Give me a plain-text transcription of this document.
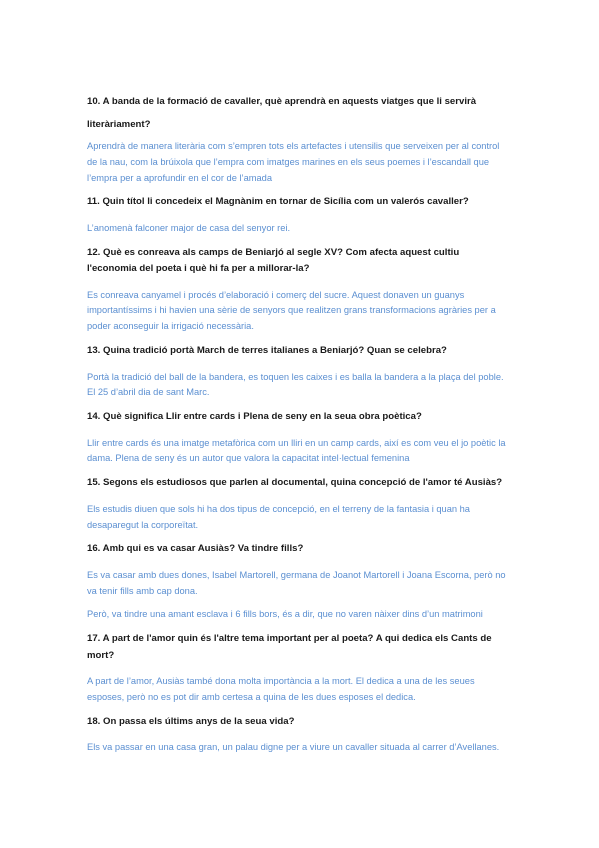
10. A banda de la formació de cavaller, què aprendrà en aquests viatges que li servirà
literàriament?
Aprendrà de manera literària com s’empren tots els artefactes i utensilis que serveixen per al control de la nau, com la brúixola que l’empra com imatges marines en els seus poemes i l’escandall que l’empra per a aprofundir en el cor de l’amada
11. Quin títol li concedeix el Magnànim en tornar de Sicília com un valerós cavaller?
L’anomenà falconer major de casa del senyor rei.
12. Què es conreava als camps de Beniarjó al segle XV? Com afecta aquest cultiu l'economia del poeta i què hi fa per a millorar-la?
Es conreava canyamel i procés d’elaboració i comerç del sucre. Aquest donaven un guanys importantíssims i hi havien una sèrie de senyors que realitzen grans transformacions agràries per a poder aconseguir la irrigació necessària.
13. Quina tradició portà March de terres italianes a Beniarjó? Quan se celebra?
Portà la tradició del ball de la bandera, es toquen les caixes i es balla la bandera a la plaça del poble. El 25 d’abril dia de sant Marc.
14. Què significa Llir entre cards i Plena de seny en la seua obra poètica?
Llir entre cards és una imatge metafòrica com un lliri en un camp cards, així es com veu el jo poètic la dama. Plena de seny és un autor que valora la capacitat intel·lectual femenina
15. Segons els estudiosos que parlen al documental, quina concepció de l'amor té Ausiàs?
Els estudis diuen que sols hi ha dos tipus de concepció, en el terreny de la fantasia i quan ha desaparegut la corporeïtat.
16. Amb qui es va casar Ausiàs? Va tindre fills?

Es va casar amb dues dones, Isabel Martorell, germana de Joanot Martorell i Joana Escorna, però no va tenir fills amb cap dona.

Però, va tindre una amant esclava i 6 fills bors, és a dir, que no varen nàixer dins d’un matrimoni

17. A part de l'amor quin és l'altre tema important per al poeta? A qui dedica els Cants de mort?
A part de l’amor, Ausiàs també dona molta importància a la mort. El dedica a una de les seues esposes, però no es pot dir amb certesa a quina de les dues esposes el dedica.
18. On passa els últims anys de la seua vida?
Els va passar en una casa gran, un palau digne per a viure un cavaller situada al carrer d’Avellanes.
